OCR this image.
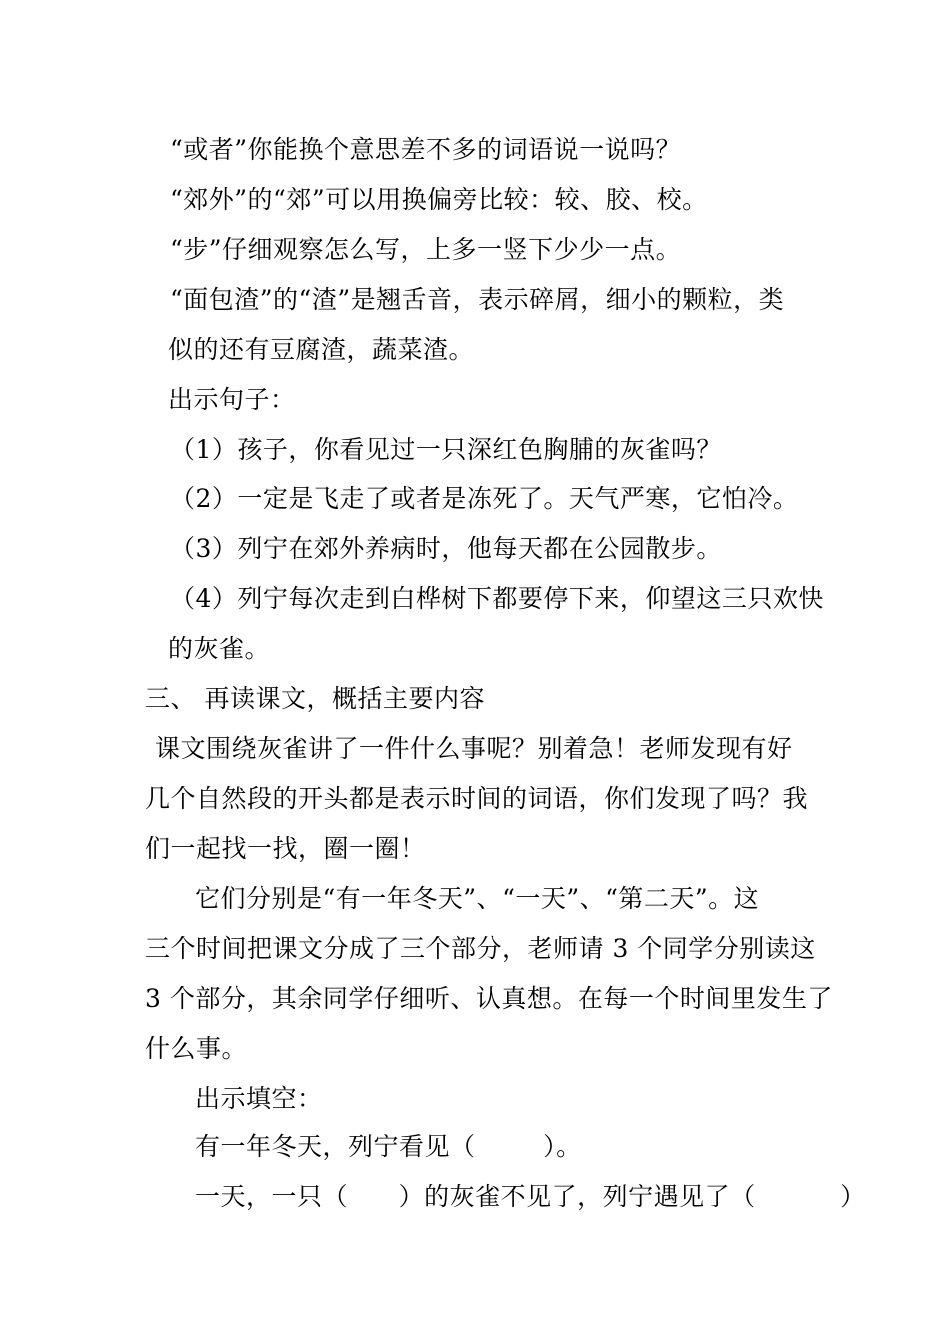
“或者”你能换个意思差不多的词语说一说吗？
“郊外”的“郊”可以用换偏旁比较：较、胶、校。
“步”仔细观察怎么写，上多一竖下少少一点。
“面包渣”的“渣”是翘舌音，表示碎屑，细小的颗粒，类
似的还有豆腐渣，蔬菜渣。
出示句子：
（1）孩子，你看见过一只深红色胸脯的灰雀吗？
（2）一定是飞走了或者是冻死了。天气严寒，它怕冷。
（3）列宁在郊外养病时，他每天都在公园散步。
（4）列宁每次走到白桦树下都要停下来，仰望这三只欢快
的灰雀。
三、 再读课文，概括主要内容
课文围绕灰雀讲了一件什么事呢？别着急！老师发现有好
几个自然段的开头都是表示时间的词语，你们发现了吗？我
们一起找一找，圈一圈！
它们分别是“有一年冬天”、“一天”、“第二天”。这
三个时间把课文分成了三个部分，老师请 3 个同学分别读这
3 个部分，其余同学仔细听、认真想。在每一个时间里发生了
什么事。
出示填空：
有一年冬天，列宁看见（        ）。
一天，一只（      ）的灰雀不见了，列宁遇见了（          ）
